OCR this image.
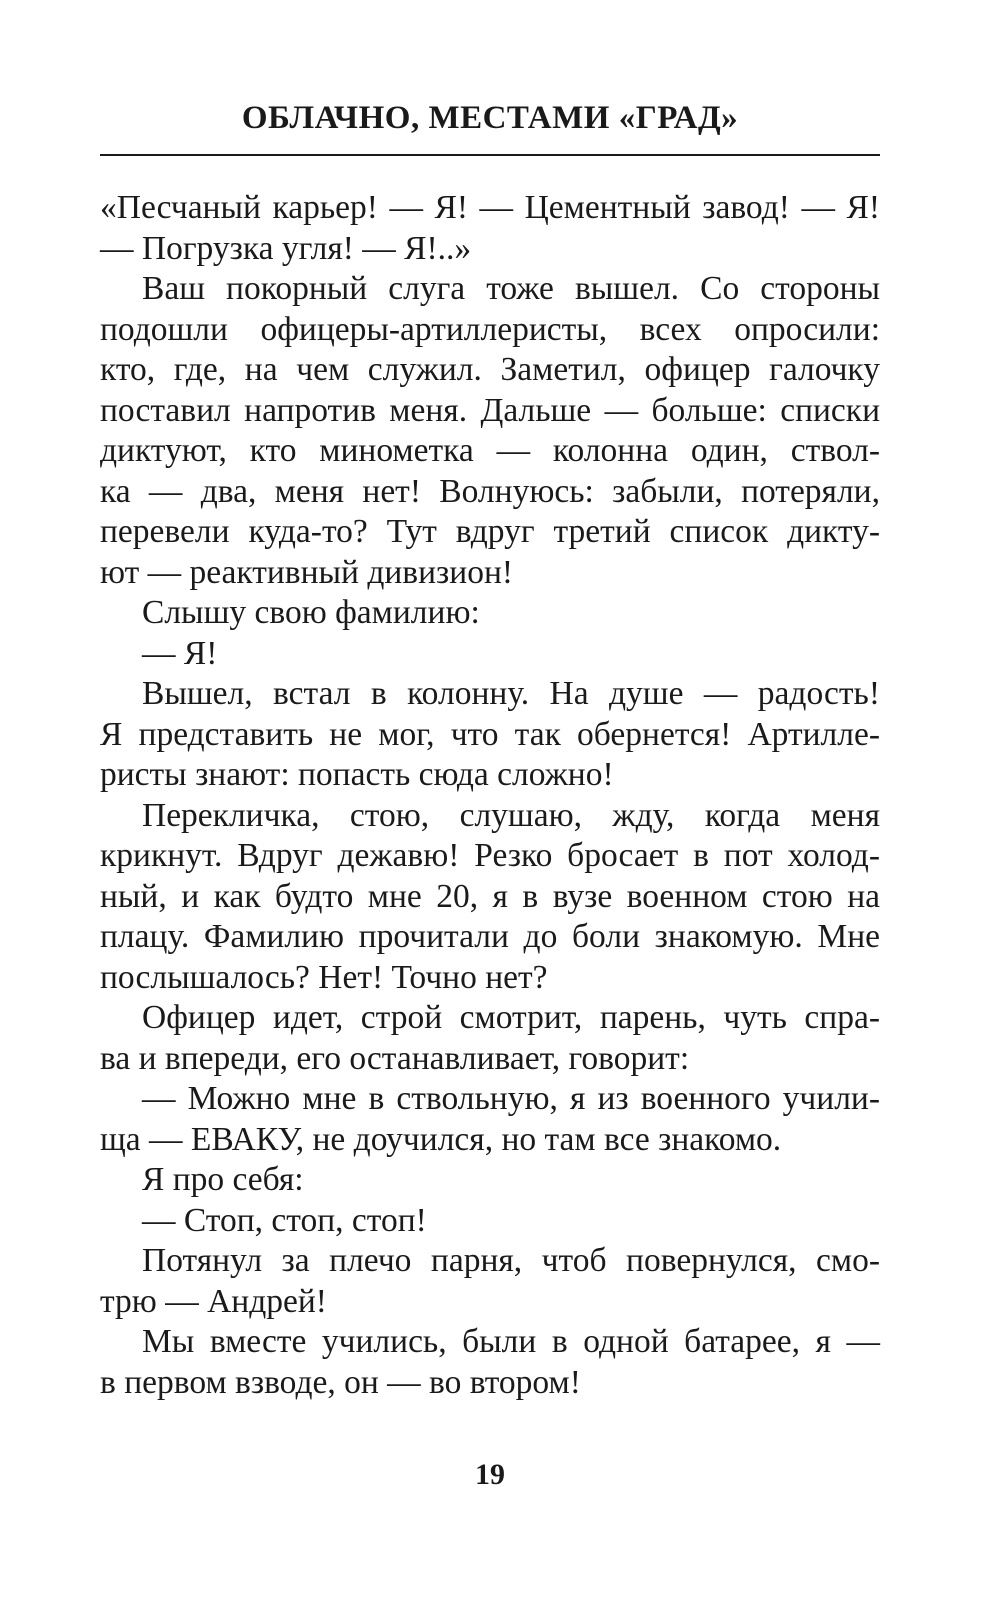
ОБЛАЧНО, МЕСТАМИ «ГРАД»
«Песчаный карьер! — Я! — Цементный завод! — Я!
— Погрузка угля! — Я!..»
Ваш покорный слуга тоже вышел. Со стороны
подошли офицеры-артиллеристы, всех опросили:
кто, где, на чем служил. Заметил, офицер галочку
поставил напротив меня. Дальше — больше: списки
диктуют, кто минометка — колонна один, ствол-
ка — два, меня нет! Волнуюсь: забыли, потеряли,
перевели куда-то? Тут вдруг третий список дикту-
ют — реактивный дивизион!
Слышу свою фамилию:
— Я!
Вышел, встал в колонну. На душе — радость!
Я представить не мог, что так обернется! Артилле-
ристы знают: попасть сюда сложно!
Перекличка, стою, слушаю, жду, когда меня
крикнут. Вдруг дежавю! Резко бросает в пот холод-
ный, и как будто мне 20, я в вузе военном стою на
плацу. Фамилию прочитали до боли знакомую. Мне
послышалось? Нет! Точно нет?
Офицер идет, строй смотрит, парень, чуть спра-
ва и впереди, его останавливает, говорит:
— Можно мне в ствольную, я из военного учили-
ща — ЕВАКУ, не доучился, но там все знакомо.
Я про себя:
— Стоп, стоп, стоп!
Потянул за плечо парня, чтоб повернулся, смо-
трю — Андрей!
Мы вместе учились, были в одной батарее, я —
в первом взводе, он — во втором!
19
